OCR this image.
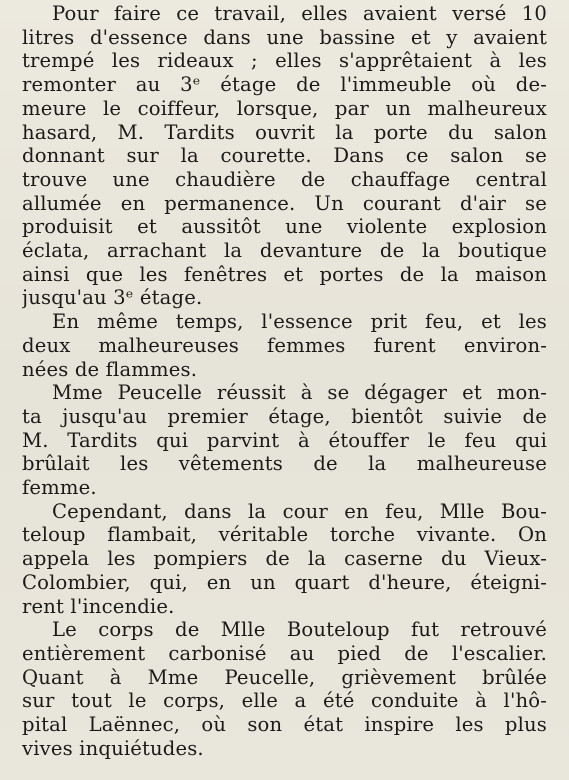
Pour faire ce travail, elles avaient versé 10
litres d'essence dans une bassine et y avaient
trempé les rideaux ; elles s'apprêtaient à les
remonter au 3ᵉ étage de l'immeuble où de-
meure le coiffeur, lorsque, par un malheureux
hasard, M. Tardits ouvrit la porte du salon
donnant sur la courette. Dans ce salon se
trouve une chaudière de chauffage central
allumée en permanence. Un courant d'air se
produisit et aussitôt une violente explosion
éclata, arrachant la devanture de la boutique
ainsi que les fenêtres et portes de la maison
jusqu'au 3ᵉ étage.
En même temps, l'essence prit feu, et les
deux malheureuses femmes furent environ-
nées de flammes.
Mme Peucelle réussit à se dégager et mon-
ta jusqu'au premier étage, bientôt suivie de
M. Tardits qui parvint à étouffer le feu qui
brûlait les vêtements de la malheureuse
femme.
Cependant, dans la cour en feu, Mlle Bou-
teloup flambait, véritable torche vivante. On
appela les pompiers de la caserne du Vieux-
Colombier, qui, en un quart d'heure, éteigni-
rent l'incendie.
Le corps de Mlle Bouteloup fut retrouvé
entièrement carbonisé au pied de l'escalier.
Quant à Mme Peucelle, grièvement brûlée
sur tout le corps, elle a été conduite à l'hô-
pital Laënnec, où son état inspire les plus
vives inquiétudes.
